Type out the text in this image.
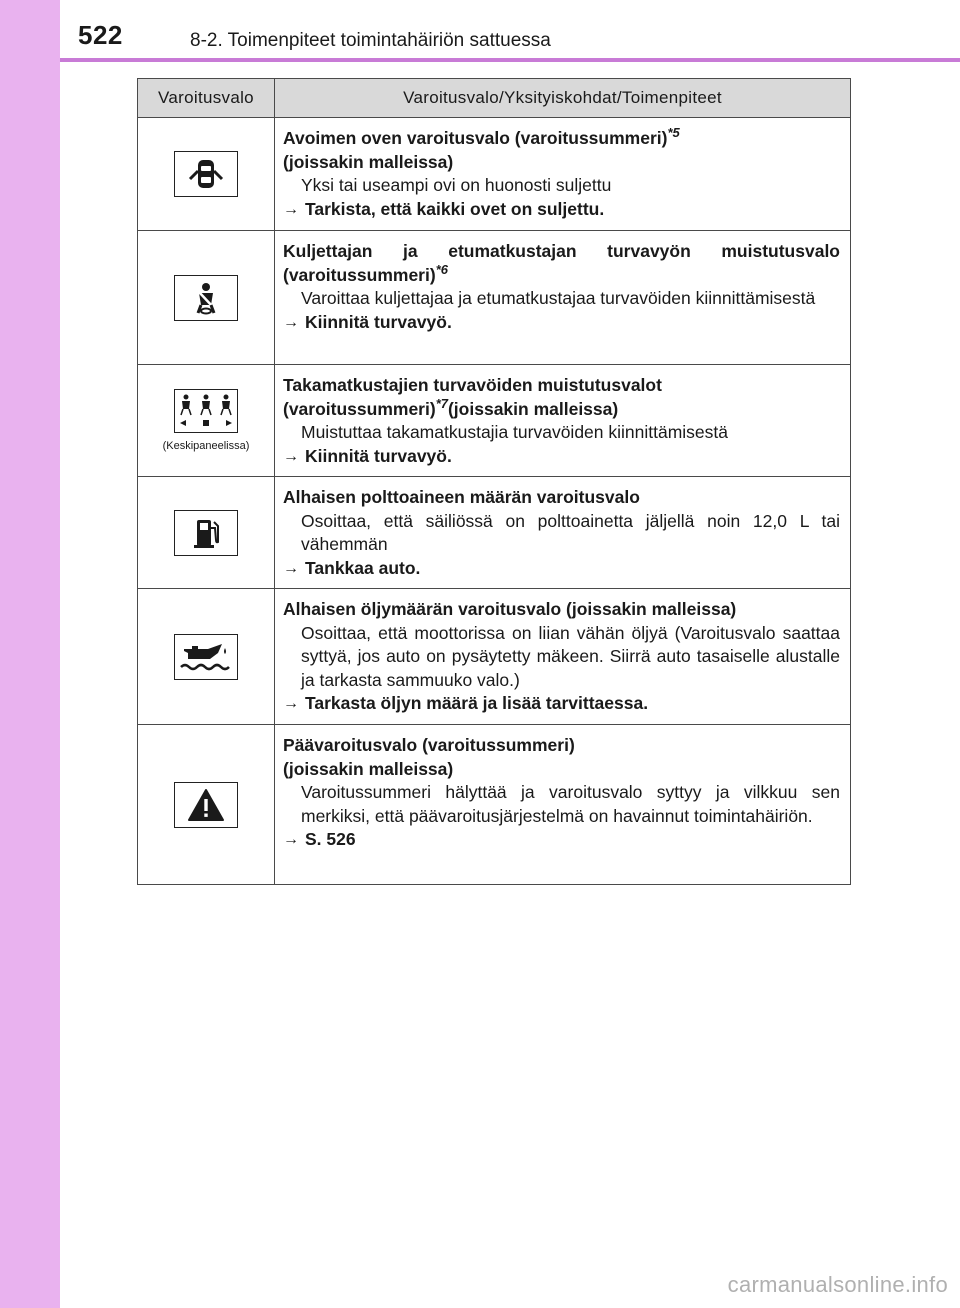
522	8-2. Toimenpiteet toimintahäiriön sattuessa
Varoitusvalo	Varoitusvalo/Yksityiskohdat/Toimenpiteet

Avoimen oven varoitusvalo (varoitussummeri)$^{*5}$
(joissakin malleissa)
Yksi tai useampi ovi on huonosti suljettu
→ Tarkista, että kaikki ovet on suljettu.

Kuljettajan ja etumatkustajan turvavyön muistutusvalo (varoitussummeri)$^{*6}$
Varoittaa kuljettajaa ja etumatkustajaa turvavöiden kiinnittämisestä
→ Kiinnitä turvavyö.

(Keskipaneelissa)	Takamatkustajien turvavöiden muistutusvalot
(varoitussummeri)$^{*7}$(joissakin malleissa)
Muistuttaa takamatkustajia turvavöiden kiinnittämisestä
→ Kiinnitä turvavyö.

Alhaisen polttoaineen määrän varoitusvalo
Osoittaa, että säiliössä on polttoainetta jäljellä noin 12,0 L tai vähemmän
→ Tankkaa auto.

Alhaisen öljymäärän varoitusvalo (joissakin malleissa)
Osoittaa, että moottorissa on liian vähän öljyä (Varoitusvalo saattaa syttyä, jos auto on pysäytetty mäkeen. Siirrä auto tasaiselle alustalle ja tarkasta sammuuko valo.)
→ Tarkasta öljyn määrä ja lisää tarvittaessa.

Päävaroitusvalo (varoitussummeri)
(joissakin malleissa)
Varoitussummeri hälyttää ja varoitusvalo syttyy ja vilkkuu sen merkiksi, että päävaroitusjärjestelmä on havainnut toimintahäiriön.
→ S. 526
carmanualsonline.info
